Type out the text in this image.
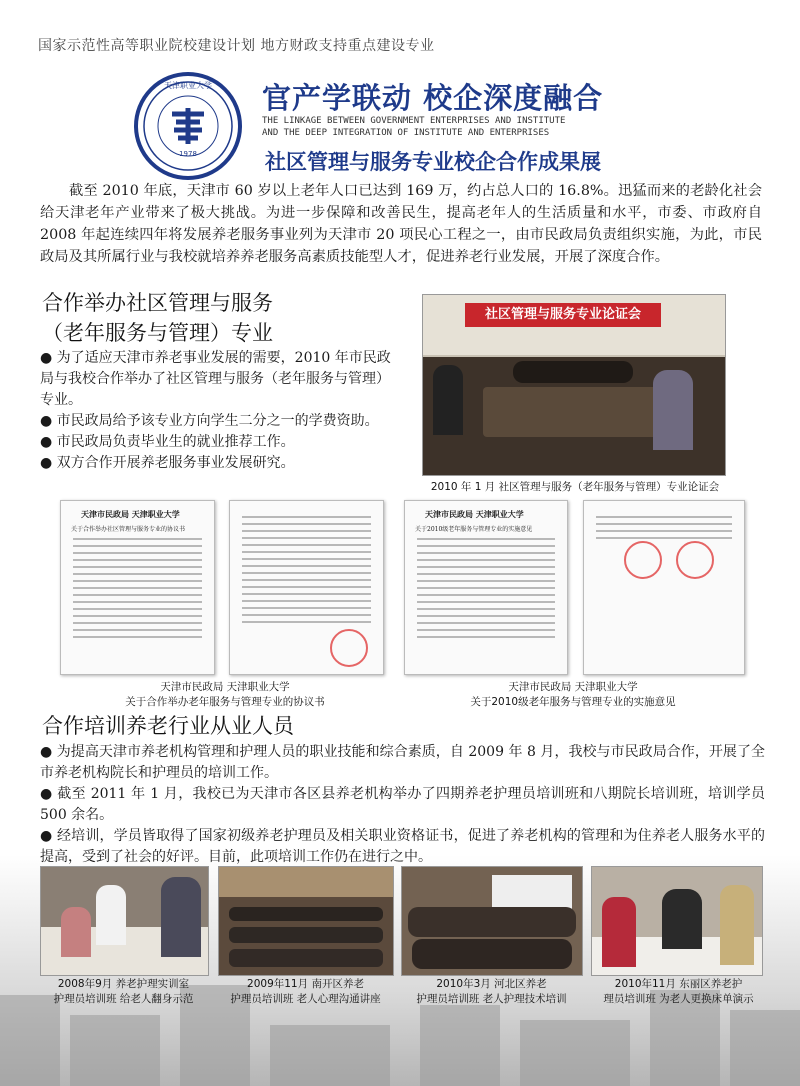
国家示范性高等职业院校建设计划 地方财政支持重点建设专业
天津职业大学
1978
官产学联动 校企深度融合
THE LINKAGE BETWEEN GOVERNMENT ENTERPRISES AND INSTITUTE
AND THE DEEP INTEGRATION OF INSTITUTE AND ENTERPRISES
社区管理与服务专业校企合作成果展
截至 2010 年底，天津市 60 岁以上老年人口已达到 169 万，约占总人口的 16.8%。迅猛而来的老龄化社会给天津老年产业带来了极大挑战。为进一步保障和改善民生，提高老年人的生活质量和水平，市委、市政府自 2008 年起连续四年将发展养老服务事业列为天津市 20 项民心工程之一，由市民政局负责组织实施，为此，市民政局及其所属行业与我校就培养养老服务高素质技能型人才，促进养老行业发展，开展了深度合作。
合作举办社区管理与服务
（老年服务与管理）专业

● 为了适应天津市养老事业发展的需要，2010 年市民政局与我校合作举办了社区管理与服务（老年服务与管理）专业。

● 市民政局给予该专业方向学生二分之一的学费资助。

● 市民政局负责毕业生的就业推荐工作。

● 双方合作开展养老服务事业发展研究。

社区管理与服务专业论证会
2010 年 1 月 社区管理与服务（老年服务与管理）专业论证会
天津市民政局 天津职业大学
关于合作举办社区管理与服务专业的协议书
天津市民政局 天津职业大学
关于2010级老年服务与管理专业的实施意见
天津市民政局 天津职业大学
关于合作举办老年服务与管理专业的协议书
天津市民政局 天津职业大学
关于2010级老年服务与管理专业的实施意见
合作培训养老行业从业人员

● 为提高天津市养老机构管理和护理人员的职业技能和综合素质，自 2009 年 8 月，我校与市民政局合作，开展了全市养老机构院长和护理员的培训工作。

● 截至 2011 年 1 月，我校已为天津市各区县养老机构举办了四期养老护理员培训班和八期院长培训班，培训学员 500 余名。

● 经培训，学员皆取得了国家初级养老护理员及相关职业资格证书，促进了养老机构的管理和为住养老人服务水平的提高，受到了社会的好评。目前，此项培训工作仍在进行之中。

2008年9月 养老护理实训室
护理员培训班 给老人翻身示范
2009年11月 南开区养老
护理员培训班 老人心理沟通讲座
2010年3月 河北区养老
护理员培训班 老人护理技术培训
2010年11月 东丽区养老护
理员培训班 为老人更换床单演示
